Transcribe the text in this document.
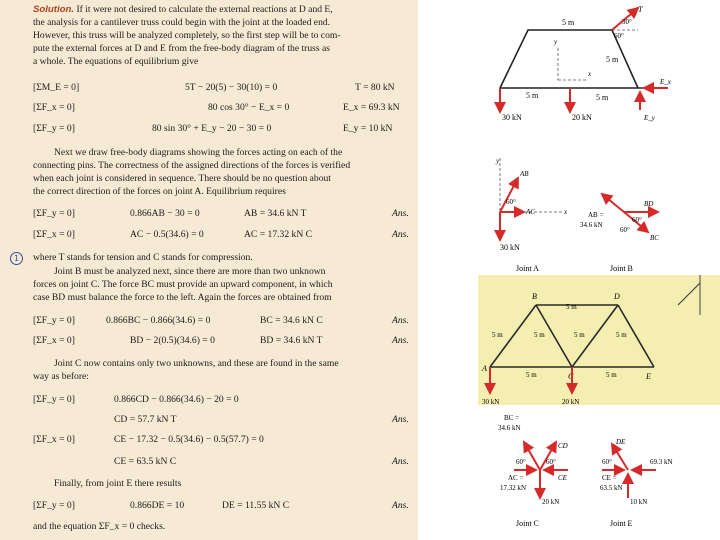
Solution. If it were not desired to calculate the external reactions at D and E,
the analysis for a cantilever truss could begin with the joint at the loaded end.
However, this truss will be analyzed completely, so the first step will be to com-
pute the external forces at D and E from the free-body diagram of the truss as
a whole. The equations of equilibrium give
[ΣM_E = 0]	5T − 20(5) − 30(10) = 0	T = 80 kN
[ΣF_x = 0]	80 cos 30° − E_x = 0	E_x = 69.3 kN
[ΣF_y = 0]	80 sin 30° + E_y − 20 − 30 = 0	E_y = 10 kN
Next we draw free-body diagrams showing the forces acting on each of the
connecting pins. The correctness of the assigned directions of the forces is verified
when each joint is considered in sequence. There should be no question about
the correct direction of the forces on joint A. Equilibrium requires
[ΣF_y = 0]	0.866AB − 30 = 0	AB = 34.6 kN T	Ans.
[ΣF_x = 0]	AC − 0.5(34.6) = 0	AC = 17.32 kN C	Ans.
1	where T stands for tension and C stands for compression.
Joint B must be analyzed next, since there are more than two unknown
forces on joint C. The force BC must provide an upward component, in which
case BD must balance the force to the left. Again the forces are obtained from
[ΣF_y = 0]	0.866BC − 0.866(34.6) = 0	BC = 34.6 kN C	Ans.
[ΣF_x = 0]	BD − 2(0.5)(34.6) = 0	BD = 34.6 kN T	Ans.
Joint C now contains only two unknowns, and these are found in the same
way as before:
[ΣF_y = 0]	0.866CD − 0.866(34.6) − 20 = 0
CD = 57.7 kN T	Ans.
[ΣF_x = 0]	CE − 17.32 − 0.5(34.6) − 0.5(57.7) = 0
CE = 63.5 kN C	Ans.
Finally, from joint E there results
[ΣF_y = 0]	0.866DE = 10	DE = 11.55 kN C	Ans.
and the equation ΣF_x = 0 checks.
y
x
5 m
5 m
5 m	5 m
T
30°
60°
30 kN	20 kN
E_x
E_y
y
AB
60°
AC	x
30 kN
Joint A
AB =
34.6 kN
BD
60°
60°
BC
Joint B
A
B
C
D
E
5 m
5 m	5 m	5 m	5 m
5 m	5 m
30 kN	20 kN
BC =
34.6 kN
CD
60°	60°
AC =
17.32 kN
CE
20 kN
Joint C
DE
60°
CE =
63.5 kN
69.3 kN
10 kN
Joint E
